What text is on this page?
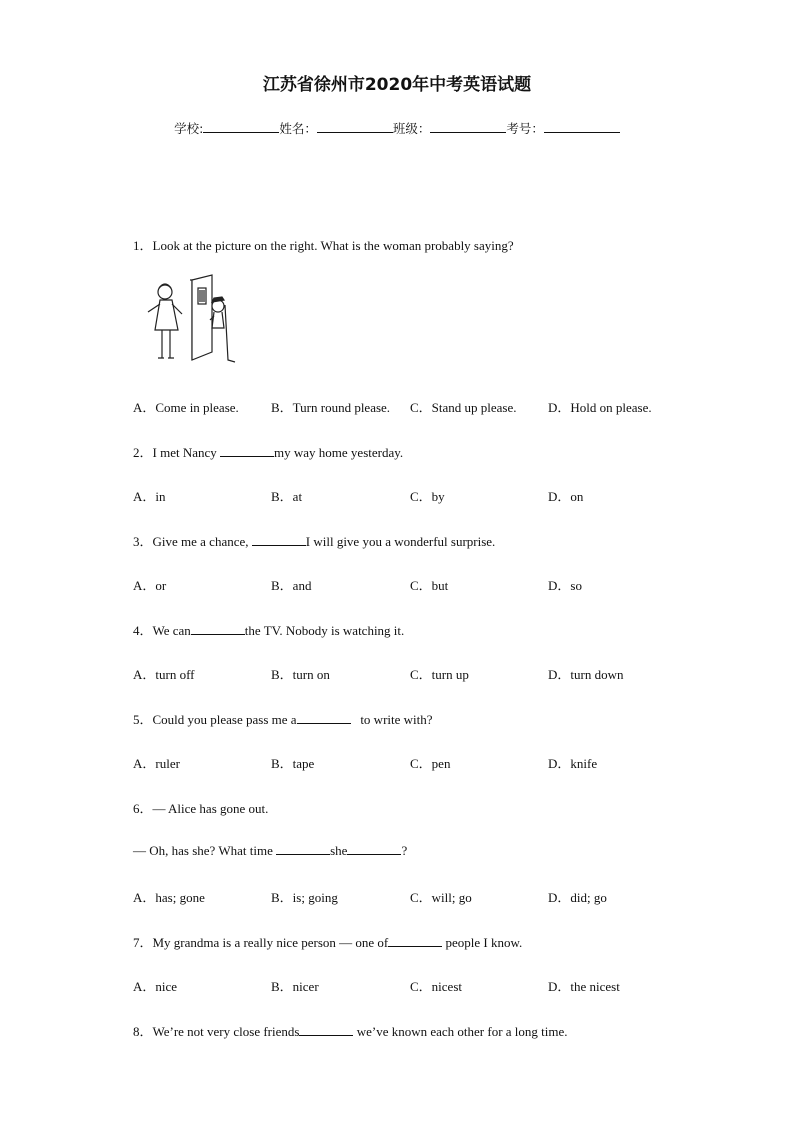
江苏省徐州市2020年中考英语试题
学校:	姓名：	班级：	考号：
1．Look at the picture on the right. What is the woman probably saying?
A．Come in please. B．Turn round please. C．Stand up please. D．Hold on please.
2．I met Nancy	my way home yesterday.
A．in	B．at	C．by	D．on
3．Give me a chance,	I will give you a wonderful surprise.
A．or	B．and	C．but	D．so
4．We can	the TV. Nobody is watching it.
A．turn off	B．turn on	C．turn up	D．turn down
5．Could you please pass me a	to write with?
A．ruler	B．tape	C．pen	D．knife
6．— Alice has gone out.
— Oh, has she? What time	she	?
A．has; gone	B．is; going	C．will; go	D．did; go
7．My grandma is a really nice person — one of	people I know.
A．nice	B．nicer	C．nicest	D．the nicest
8．We’re not very close friends	we’ve known each other for a long time.
